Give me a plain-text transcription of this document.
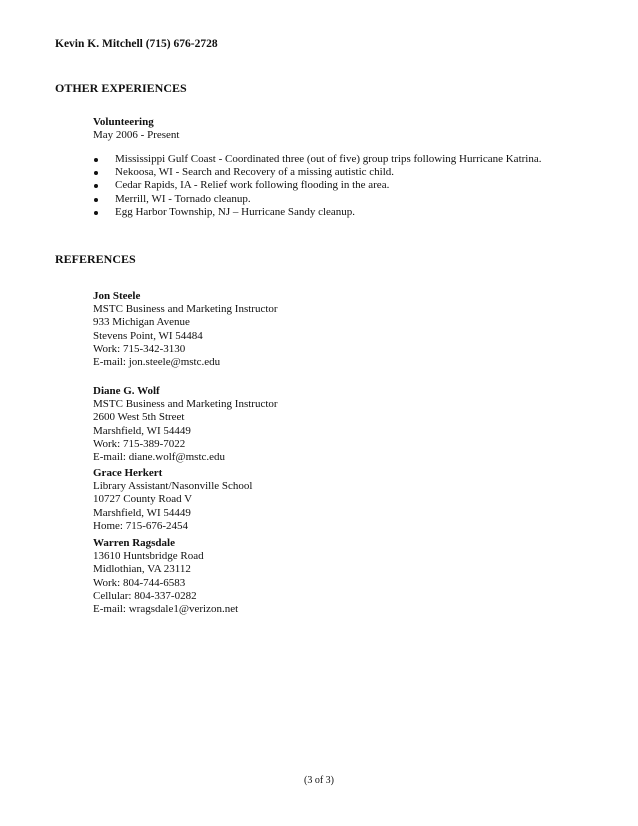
Kevin K. Mitchell (715) 676-2728
OTHER EXPERIENCES
Volunteering
May 2006 - Present
Mississippi Gulf Coast - Coordinated three (out of five) group trips following Hurricane Katrina.
Nekoosa, WI - Search and Recovery of a missing autistic child.
Cedar Rapids, IA - Relief work following flooding in the area.
Merrill, WI - Tornado cleanup.
Egg Harbor Township, NJ – Hurricane Sandy cleanup.
REFERENCES
Jon Steele
MSTC Business and Marketing Instructor
933 Michigan Avenue
Stevens Point, WI 54484
Work: 715-342-3130
E-mail: jon.steele@mstc.edu
Diane G. Wolf
MSTC Business and Marketing Instructor
2600 West 5th Street
Marshfield, WI 54449
Work: 715-389-7022
E-mail: diane.wolf@mstc.edu
Grace Herkert
Library Assistant/Nasonville School
10727 County Road V
Marshfield, WI 54449
Home: 715-676-2454
Warren Ragsdale
13610 Huntsbridge Road
Midlothian, VA 23112
Work: 804-744-6583
Cellular: 804-337-0282
E-mail: wragsdale1@verizon.net
(3 of 3)
